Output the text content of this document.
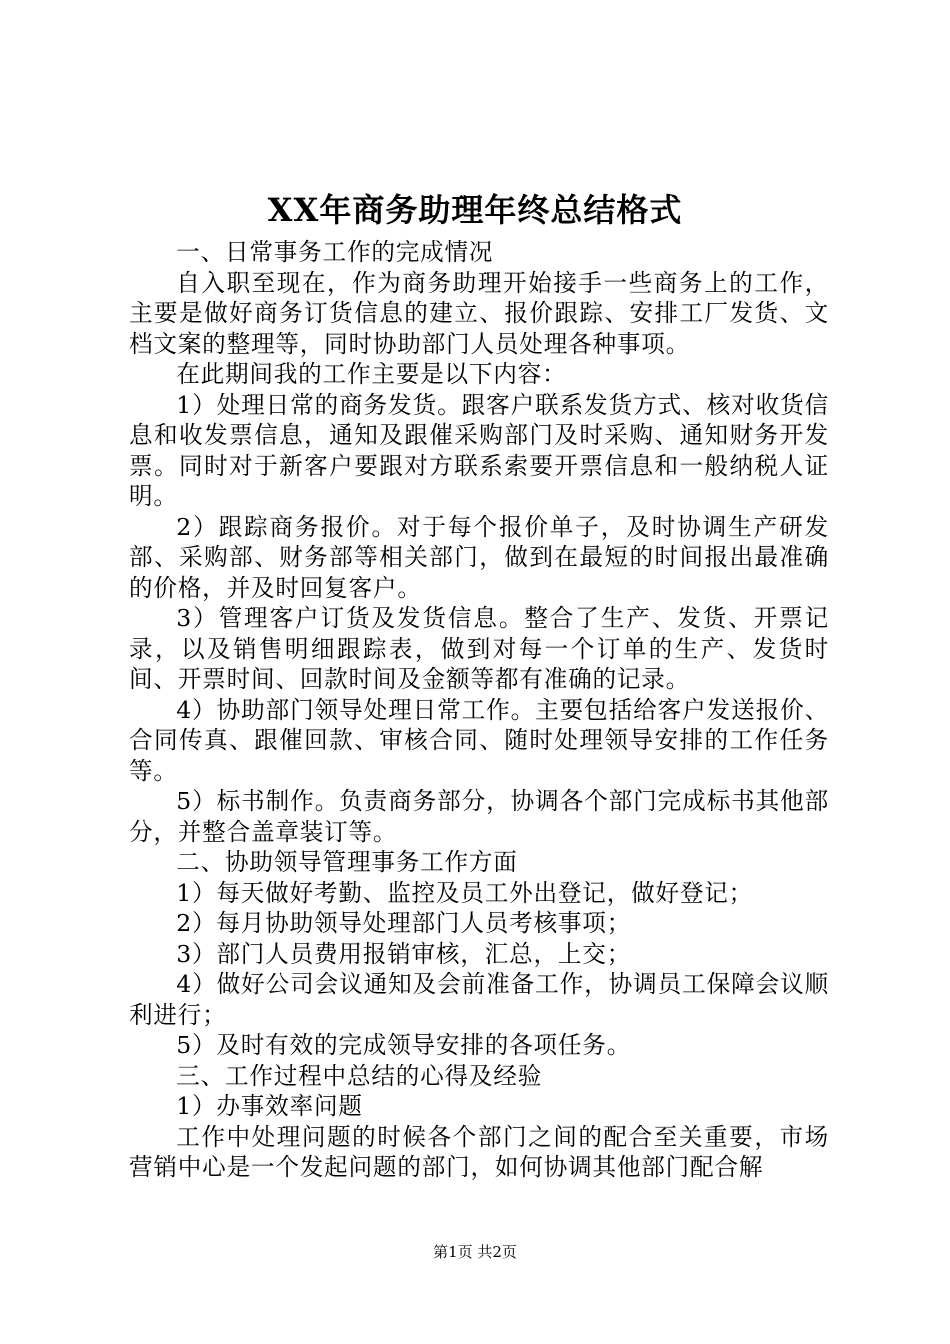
XX年商务助理年终总结格式

一、日常事务工作的完成情况

自入职至现在，作为商务助理开始接手一些商务上的工作，主要是做好商务订货信息的建立、报价跟踪、安排工厂发货、文档文案的整理等，同时协助部门人员处理各种事项。

在此期间我的工作主要是以下内容：

1）处理日常的商务发货。跟客户联系发货方式、核对收货信息和收发票信息，通知及跟催采购部门及时采购、通知财务开发票。同时对于新客户要跟对方联系索要开票信息和一般纳税人证明。

2）跟踪商务报价。对于每个报价单子，及时协调生产研发部、采购部、财务部等相关部门，做到在最短的时间报出最准确的价格，并及时回复客户。

3）管理客户订货及发货信息。整合了生产、发货、开票记录，以及销售明细跟踪表，做到对每一个订单的生产、发货时间、开票时间、回款时间及金额等都有准确的记录。

4）协助部门领导处理日常工作。主要包括给客户发送报价、合同传真、跟催回款、审核合同、随时处理领导安排的工作任务等。

5）标书制作。负责商务部分，协调各个部门完成标书其他部分，并整合盖章装订等。

二、协助领导管理事务工作方面

1）每天做好考勤、监控及员工外出登记，做好登记；

2）每月协助领导处理部门人员考核事项；

3）部门人员费用报销审核，汇总，上交；

4）做好公司会议通知及会前准备工作，协调员工保障会议顺利进行；

5）及时有效的完成领导安排的各项任务。

三、工作过程中总结的心得及经验

1）办事效率问题

工作中处理问题的时候各个部门之间的配合至关重要，市场营销中心是一个发起问题的部门，如何协调其他部门配合解

第1页 共2页
